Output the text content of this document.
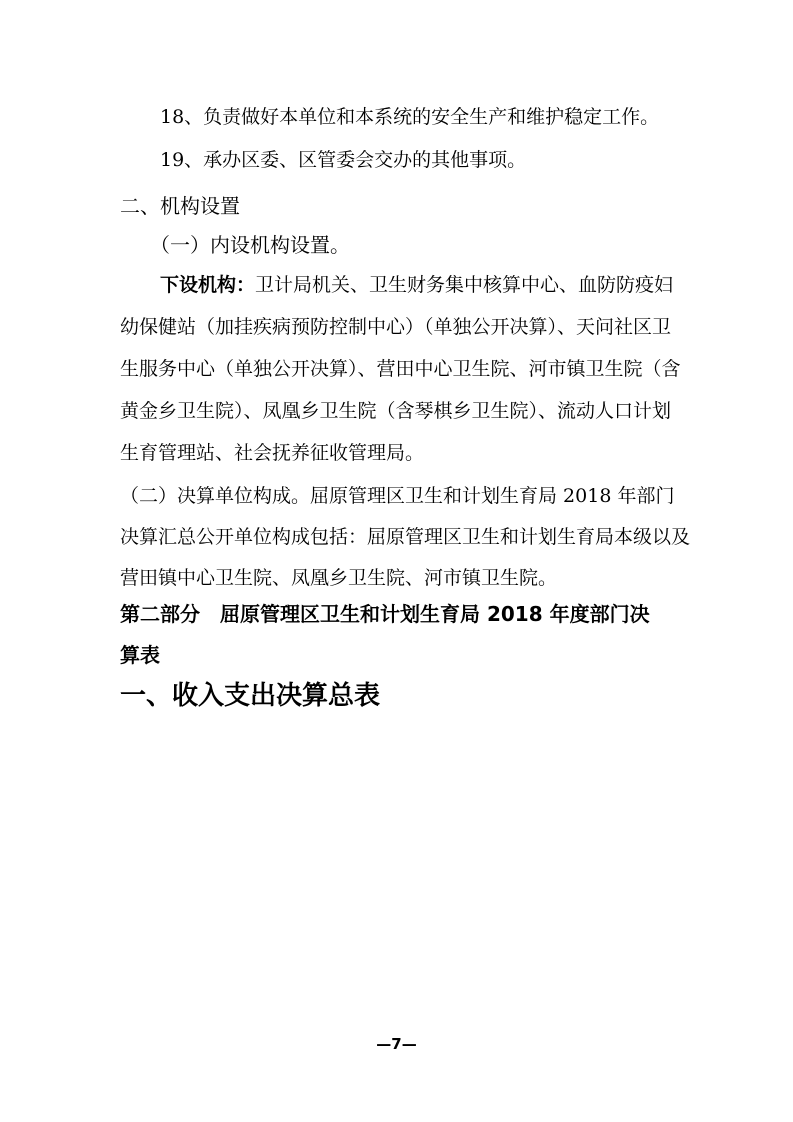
18、负责做好本单位和本系统的安全生产和维护稳定工作。
19、承办区委、区管委会交办的其他事项。
二、机构设置
（一）内设机构设置。
下设机构：卫计局机关、卫生财务集中核算中心、血防防疫妇
幼保健站（加挂疾病预防控制中心）（单独公开决算）、天问社区卫
生服务中心（单独公开决算）、营田中心卫生院、河市镇卫生院（含
黄金乡卫生院）、凤凰乡卫生院（含琴棋乡卫生院）、流动人口计划
生育管理站、社会抚养征收管理局。
（二）决算单位构成。屈原管理区卫生和计划生育局 2018 年部门
决算汇总公开单位构成包括：屈原管理区卫生和计划生育局本级以及
营田镇中心卫生院、凤凰乡卫生院、河市镇卫生院。
第二部分　屈原管理区卫生和计划生育局 2018 年度部门决
算表
一、收入支出决算总表
—7—
